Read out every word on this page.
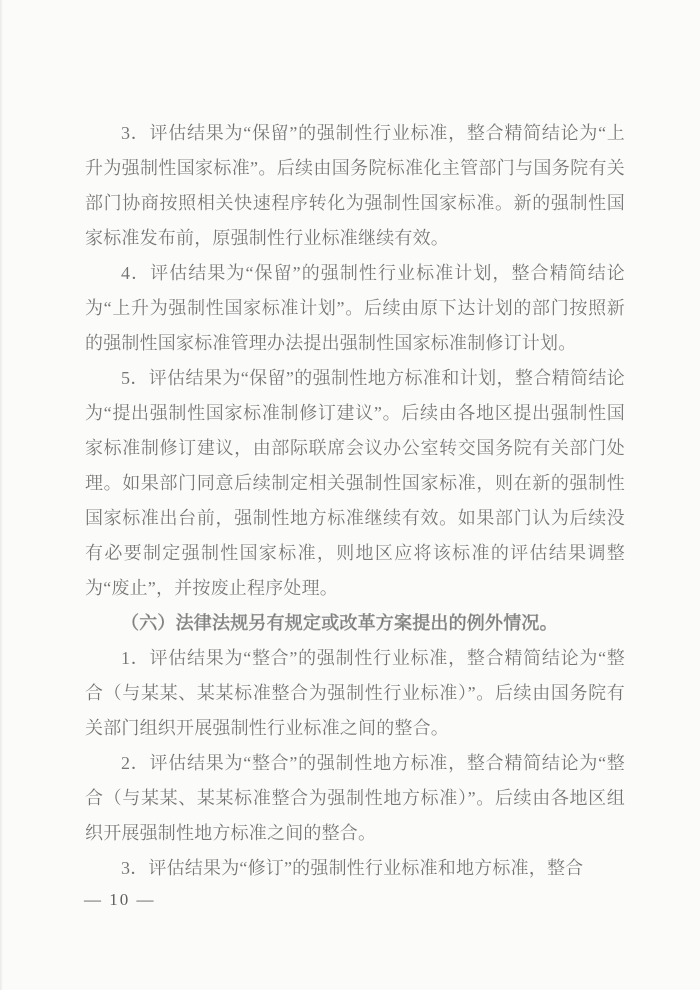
3．评估结果为“保留”的强制性行业标准，整合精简结论为“上升为强制性国家标准”。后续由国务院标准化主管部门与国务院有关部门协商按照相关快速程序转化为强制性国家标准。新的强制性国家标准发布前，原强制性行业标准继续有效。

4．评估结果为“保留”的强制性行业标准计划，整合精简结论为“上升为强制性国家标准计划”。后续由原下达计划的部门按照新的强制性国家标准管理办法提出强制性国家标准制修订计划。

5．评估结果为“保留”的强制性地方标准和计划，整合精简结论为“提出强制性国家标准制修订建议”。后续由各地区提出强制性国家标准制修订建议，由部际联席会议办公室转交国务院有关部门处理。如果部门同意后续制定相关强制性国家标准，则在新的强制性国家标准出台前，强制性地方标准继续有效。如果部门认为后续没有必要制定强制性国家标准，则地区应将该标准的评估结果调整为“废止”，并按废止程序处理。

（六）法律法规另有规定或改革方案提出的例外情况。

1．评估结果为“整合”的强制性行业标准，整合精简结论为“整合（与某某、某某标准整合为强制性行业标准）”。后续由国务院有关部门组织开展强制性行业标准之间的整合。

2．评估结果为“整合”的强制性地方标准，整合精简结论为“整合（与某某、某某标准整合为强制性地方标准）”。后续由各地区组织开展强制性地方标准之间的整合。

3．评估结果为“修订”的强制性行业标准和地方标准，整合

— 10 —
